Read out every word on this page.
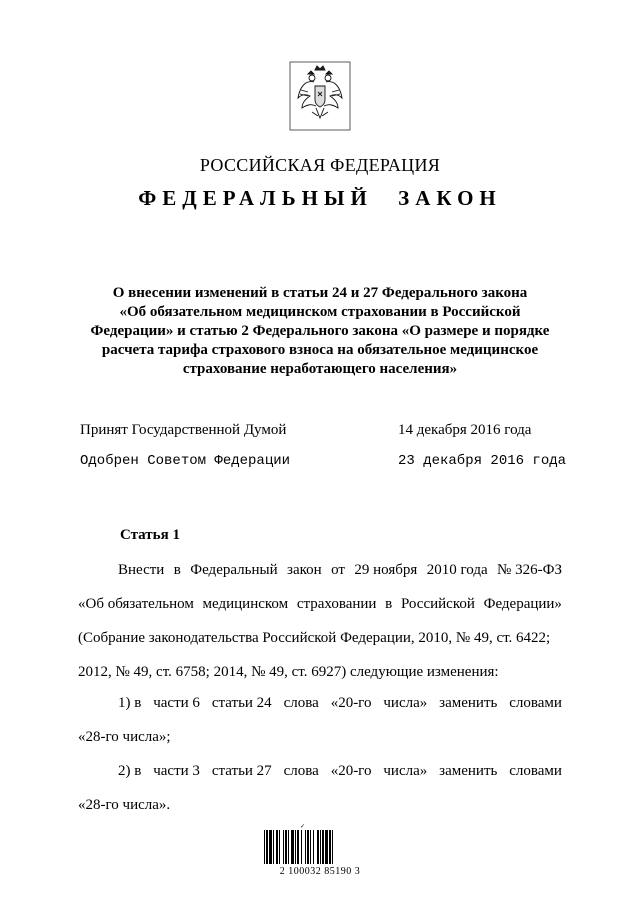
РОССИЙСКАЯ ФЕДЕРАЦИЯ
ФЕДЕРАЛЬНЫЙ ЗАКОН
О внесении изменений в статьи 24 и 27 Федерального закона
«Об обязательном медицинском страховании в Российской
Федерации» и статью 2 Федерального закона «О размере и порядке
расчета тарифа страхового взноса на обязательное медицинское
страхование неработающего населения»
Принят Государственной Думой	14 декабря 2016 года
Одобрен Советом Федерации	23 декабря 2016 года
Статья 1
Внести в Федеральный закон от 29 ноября 2010 года № 326-ФЗ
«Об обязательном медицинском страховании в Российской Федерации»
(Собрание законодательства Российской Федерации, 2010, № 49, ст. 6422;
2012, № 49, ст. 6758; 2014, № 49, ст. 6927) следующие изменения:
1) в части 6 статьи 24 слова «20-го числа» заменить словами
«28-го числа»;
2) в части 3 статьи 27 слова «20-го числа» заменить словами
«28-го числа».
✓
2 100032 85190 3
